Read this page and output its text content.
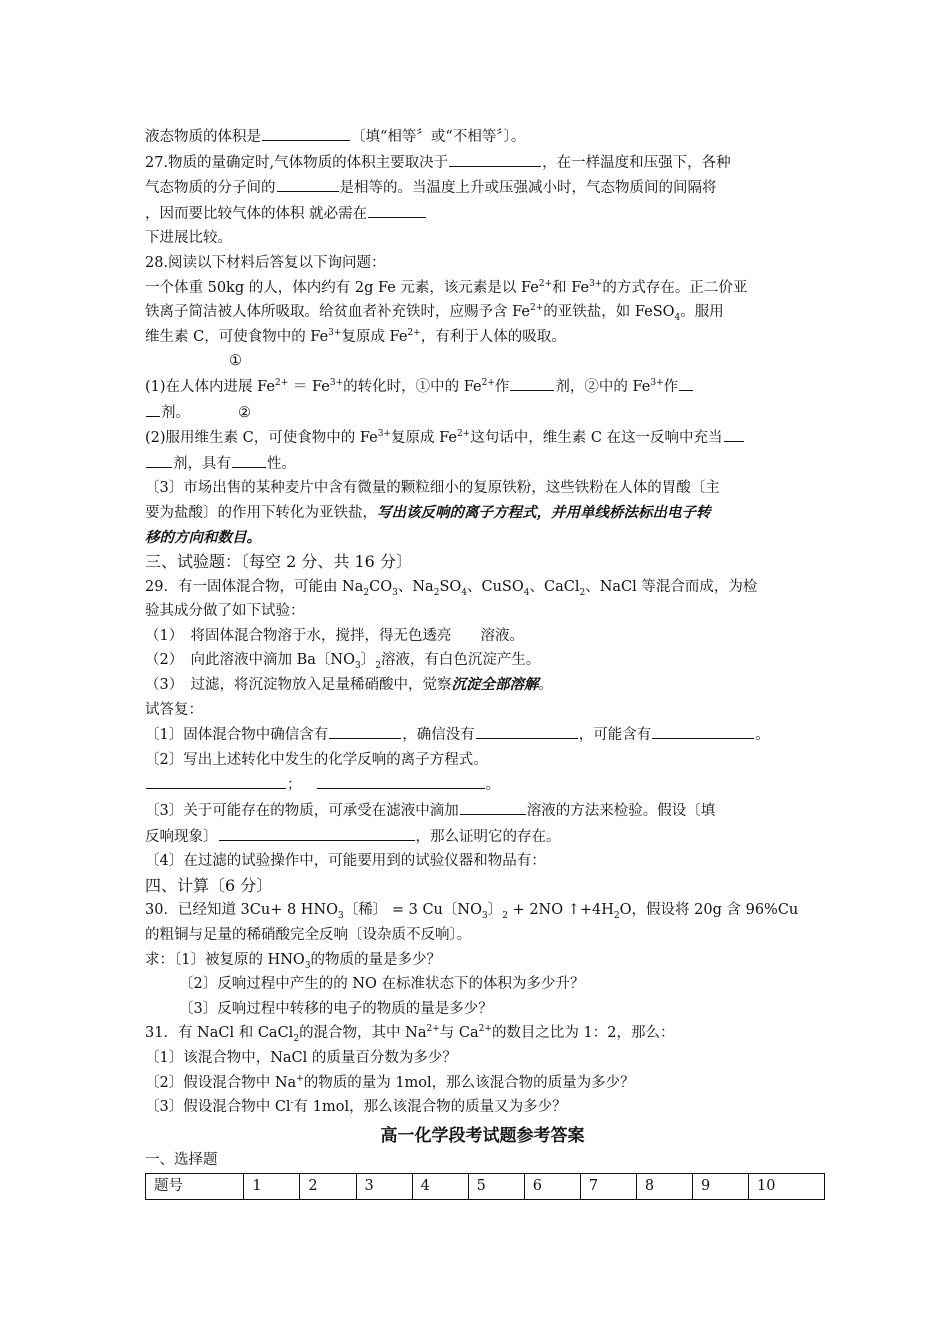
液态物质的体积是	〔填“相等〞或“不相等〞〕。
27.物质的量确定时,气体物质的体积主要取决于	，在一样温度和压强下，各种
气态物质的分子间的	是相等的。当温度上升或压强减小时，气态物质间的间隔将
，因而要比较气体的体积 就必需在
下进展比较。
28.阅读以下材料后答复以下询问题：
一个体重 50kg 的人，体内约有 2g Fe 元素，该元素是以 $Fe^{2+}$和 $Fe^{3+}$的方式存在。正二价亚
铁离子简洁被人体所吸取。给贫血者补充铁时，应赐予含 $Fe^{2+}$的亚铁盐，如 FeSO$_4$。服用
维生素 C，可使食物中的 $Fe^{3+}$复原成 $Fe^{2+}$，有利于人体的吸取。
①
(1)在人体内进展 $Fe^{2+} = Fe^{3+}$的转化时，①中的 $Fe^{2+}$作	剂，②中的 $Fe^{3+}$作
剂。	②
(2)服用维生素 C，可使食物中的 $Fe^{3+}$复原成 $Fe^{2+}$这句话中，维生素 C 在这一反响中充当
剂，具有 性。
〔3〕市场出售的某种麦片中含有微量的颗粒细小的复原铁粉，这些铁粉在人体的胃酸〔主
要为盐酸〕的作用下转化为亚铁盐，写出该反响的离子方程式，并用单线桥法标出电子转
移的方向和数目。
三、试验题：〔每空 2 分、共 16 分〕
29．有一固体混合物，可能由 $Na_2CO_3$、$Na_2SO_4$、CuSO$_4$、CaCl$_2$、NaCl 等混合而成，为检
验其成分做了如下试验：
（1）　将固体混合物溶于水，搅拌，得无色透亮　　溶液。
（2）　向此溶液中滴加 Ba〔$NO_3$〕$_2$溶液，有白色沉淀产生。
（3）　过滤，将沉淀物放入足量稀硝酸中，觉察沉淀全部溶解。
试答复：
〔1〕固体混合物中确信含有	，确信没有	，可能含有	。
〔2〕写出上述转化中发生的化学反响的离子方程式。
；	。
〔3〕关于可能存在的物质，可承受在滤液中滴加	溶液的方法来检验。假设〔填
反响现象〕	，那么证明它的存在。
〔4〕在过滤的试验操作中，可能要用到的试验仪器和物品有：
四、计算〔6 分〕
30．已经知道 3Cu+ 8 $HNO_3$〔稀〕 = 3 Cu〔$NO_3$〕$_2$ + 2NO $↑+4H_2O$，假设将 20g 含 96%Cu
的粗铜与足量的稀硝酸完全反响〔设杂质不反响〕。
求：〔1〕被复原的 $HNO_3$的物质的量是多少？
〔2〕反响过程中产生的的 NO 在标准状态下的体积为多少升？
〔3〕反响过程中转移的电子的物质的量是多少？
31．有 NaCl 和 CaCl$_2$的混合物，其中 $Na^{2+}$与 $Ca^{2+}$的数目之比为 1：2，那么：
〔1〕该混合物中，NaCl 的质量百分数为多少？
〔2〕假设混合物中 Na+的物质的量为 1mol，那么该混合物的质量为多少？
〔3〕假设混合物中 Cl-有 1mol，那么该混合物的质量又为多少？
高一化学段考试题参考答案
一、选择题
题号	1	2	3	4	5	6	7	8	9	10
